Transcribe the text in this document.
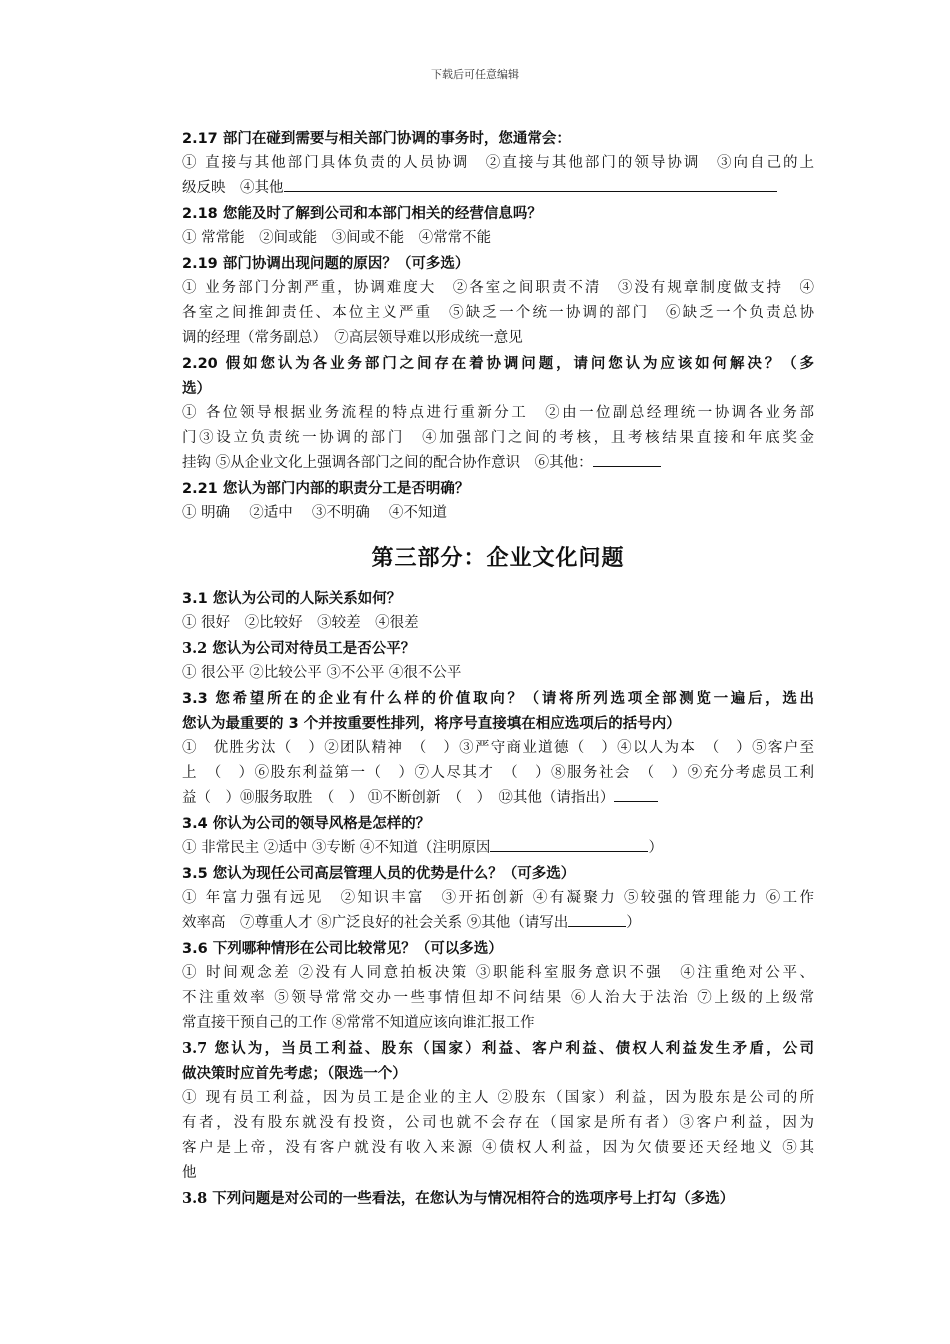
下载后可任意编辑
2.17 部门在碰到需要与相关部门协调的事务时，您通常会：
① 直接与其他部门具体负责的人员协调　②直接与其他部门的领导协调　③向自己的上
级反映　④其他
2.18 您能及时了解到公司和本部门相关的经营信息吗？
① 常常能　②间或能　③间或不能　④常常不能
2.19 部门协调出现问题的原因？（可多选）
① 业务部门分割严重，协调难度大　②各室之间职责不清　③没有规章制度做支持　④
各室之间推卸责任、本位主义严重　⑤缺乏一个统一协调的部门　⑥缺乏一个负责总协
调的经理（常务副总）　⑦高层领导难以形成统一意见
2.20 假如您认为各业务部门之间存在着协调问题，请问您认为应该如何解决？（多
选）
① 各位领导根据业务流程的特点进行重新分工　②由一位副总经理统一协调各业务部
门③设立负责统一协调的部门　④加强部门之间的考核，且考核结果直接和年底奖金
挂钩 ⑤从企业文化上强调各部门之间的配合协作意识　⑥其他：
2.21 您认为部门内部的职责分工是否明确？
① 明确　 ②适中　 ③不明确　 ④不知道
第三部分：企业文化问题
3.1 您认为公司的人际关系如何？
① 很好　②比较好　③较差　④很差
3.2 您认为公司对待员工是否公平？
① 很公平 ②比较公平 ③不公平 ④很不公平
3.3 您希望所在的企业有什么样的价值取向？（请将所列选项全部测览一遍后，选出
您认为最重要的 3 个并按重要性排列，将序号直接填在相应选项后的括号内）
①　优胜劣汰（　）②团队精神　（　）③严守商业道德（　）④以人为本　（　）⑤客户至
上　（　）⑥股东利益第一（　）⑦人尽其才　（　）⑧服务社会　（　）⑨充分考虑员工利
益（　）⑩服务取胜　（　） ⑪不断创新　（　）　⑫其他（请指出）
3.4 你认为公司的领导风格是怎样的？
① 非常民主 ②适中 ③专断 ④不知道（注明原因	）
3.5 您认为现任公司高层管理人员的优势是什么？（可多选）
① 年富力强有远见　②知识丰富　③开拓创新 ④有凝聚力 ⑤较强的管理能力 ⑥工作
效率高　⑦尊重人才 ⑧广泛良好的社会关系 ⑨其他（请写出	）
3.6 下列哪种情形在公司比较常见？（可以多选）
① 时间观念差 ②没有人同意拍板决策 ③职能科室服务意识不强　④注重绝对公平、
不注重效率 ⑤领导常常交办一些事情但却不问结果 ⑥人治大于法治 ⑦上级的上级常
常直接干预自己的工作 ⑧常常不知道应该向谁汇报工作
3.7 您认为，当员工利益、股东（国家）利益、客户利益、债权人利益发生矛盾，公司
做决策时应首先考虑；（限选一个）
① 现有员工利益，因为员工是企业的主人 ②股东（国家）利益，因为股东是公司的所
有者，没有股东就没有投资，公司也就不会存在（国家是所有者）③客户利益，因为
客户是上帝，没有客户就没有收入来源 ④债权人利益，因为欠债要还天经地义 ⑤其
他
3.8 下列问题是对公司的一些看法，在您认为与情况相符合的选项序号上打勾（多选）
